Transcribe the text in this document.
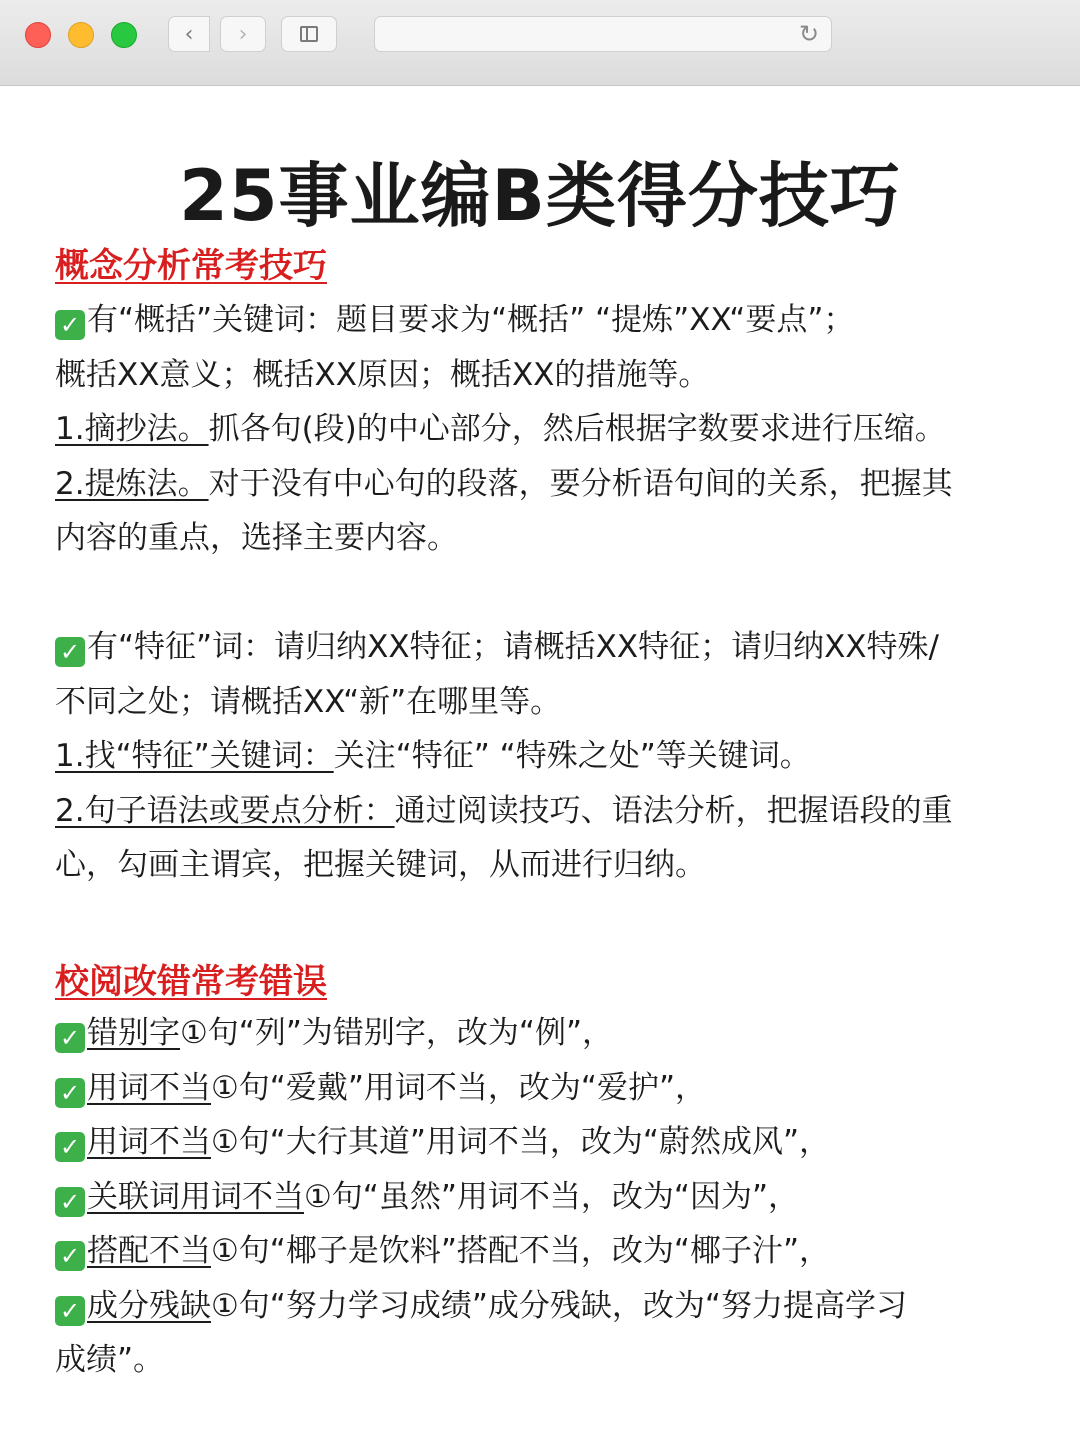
‹ ›	↻
25事业编B类得分技巧
概念分析常考技巧
✓ 有“概括”关键词：题目要求为“概括” “提炼”XX“要点”；
概括XX意义；概括XX原因；概括XX的措施等。
1.摘抄法。抓各句(段)的中心部分，然后根据字数要求进行压缩。
2.提炼法。对于没有中心句的段落，要分析语句间的关系，把握其
内容的重点，选择主要内容。
✓ 有“特征”词：请归纳XX特征；请概括XX特征；请归纳XX特殊/
不同之处；请概括XX“新”在哪里等。
1.找“特征”关键词：关注“特征” “特殊之处”等关键词。
2.句子语法或要点分析：通过阅读技巧、语法分析，把握语段的重
心，勾画主谓宾，把握关键词，从而进行归纳。
校阅改错常考错误
✓ 错别字①句“列”为错别字，改为“例”，
✓ 用词不当①句“爱戴”用词不当，改为“爱护”，
✓ 用词不当①句“大行其道”用词不当，改为“蔚然成风”，
✓ 关联词用词不当①句“虽然”用词不当，改为“因为”，
✓ 搭配不当①句“椰子是饮料”搭配不当，改为“椰子汁”，
✓ 成分残缺①句“努力学习成绩”成分残缺，改为“努力提高学习
成绩”。
